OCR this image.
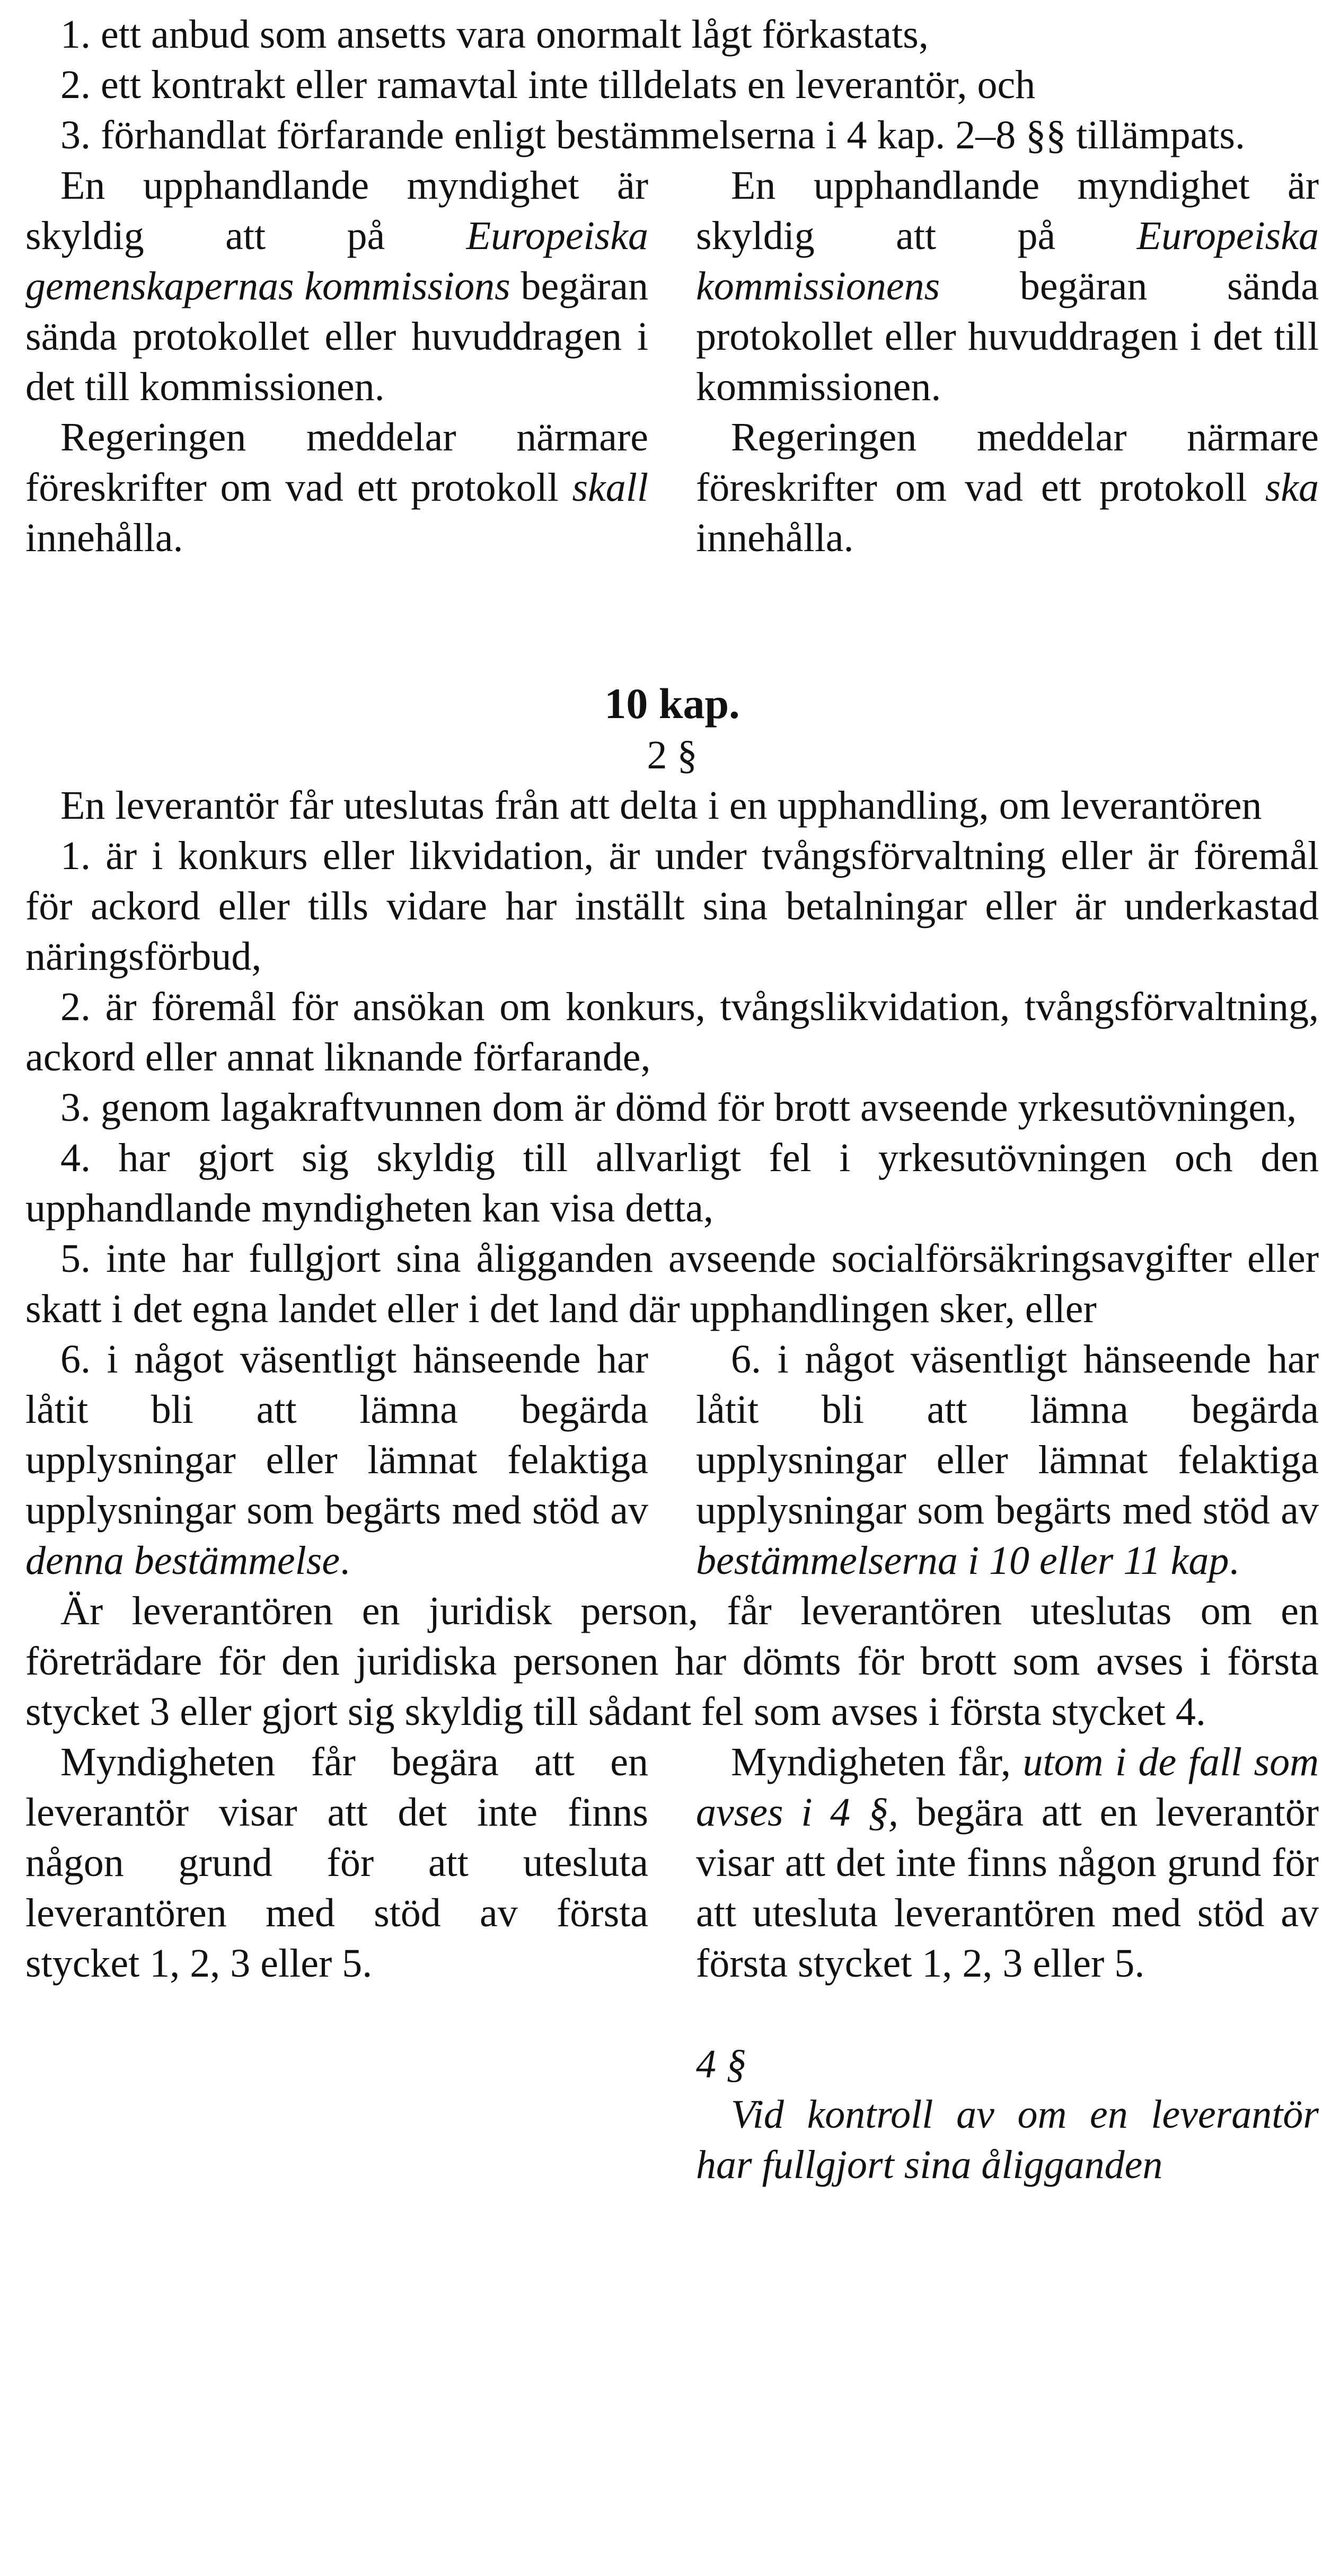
1. ett anbud som ansetts vara onormalt lågt förkastats,

2. ett kontrakt eller ramavtal inte tilldelats en leverantör, och

3. förhandlat förfarande enligt bestämmelserna i 4 kap. 2–8 §§ tillämpats.

En upphandlande myndighet är skyldig att på Europeiska gemenskapernas kommissions begäran sända protokollet eller huvuddragen i det till kommissionen.

En upphandlande myndighet är skyldig att på Europeiska kommissionens begäran sända protokollet eller huvuddragen i det till kommissionen.

Regeringen meddelar närmare föreskrifter om vad ett protokoll skall innehålla.

Regeringen meddelar närmare föreskrifter om vad ett protokoll ska innehålla.

10 kap.

2 §

En leverantör får uteslutas från att delta i en upphandling, om leverantören

1. är i konkurs eller likvidation, är under tvångsförvaltning eller är föremål för ackord eller tills vidare har inställt sina betalningar eller är underkastad näringsförbud,

2. är föremål för ansökan om konkurs, tvångslikvidation, tvångsförvaltning, ackord eller annat liknande förfarande,

3. genom lagakraftvunnen dom är dömd för brott avseende yrkesutövningen,

4. har gjort sig skyldig till allvarligt fel i yrkesutövningen och den upphandlande myndigheten kan visa detta,

5. inte har fullgjort sina åligganden avseende socialförsäkringsavgifter eller skatt i det egna landet eller i det land där upphandlingen sker, eller

6. i något väsentligt hänseende har låtit bli att lämna begärda upplysningar eller lämnat felaktiga upplysningar som begärts med stöd av denna bestämmelse.

6. i något väsentligt hänseende har låtit bli att lämna begärda upplysningar eller lämnat felaktiga upplysningar som begärts med stöd av bestämmelserna i 10 eller 11 kap.

Är leverantören en juridisk person, får leverantören uteslutas om en företrädare för den juridiska personen har dömts för brott som avses i första stycket 3 eller gjort sig skyldig till sådant fel som avses i första stycket 4.

Myndigheten får begära att en leverantör visar att det inte finns någon grund för att utesluta leverantören med stöd av första stycket 1, 2, 3 eller 5.

Myndigheten får, utom i de fall som avses i 4 §, begära att en leverantör visar att det inte finns någon grund för att utesluta leverantören med stöd av första stycket 1, 2, 3 eller 5.

4 §

Vid kontroll av om en leverantör har fullgjort sina åligganden
